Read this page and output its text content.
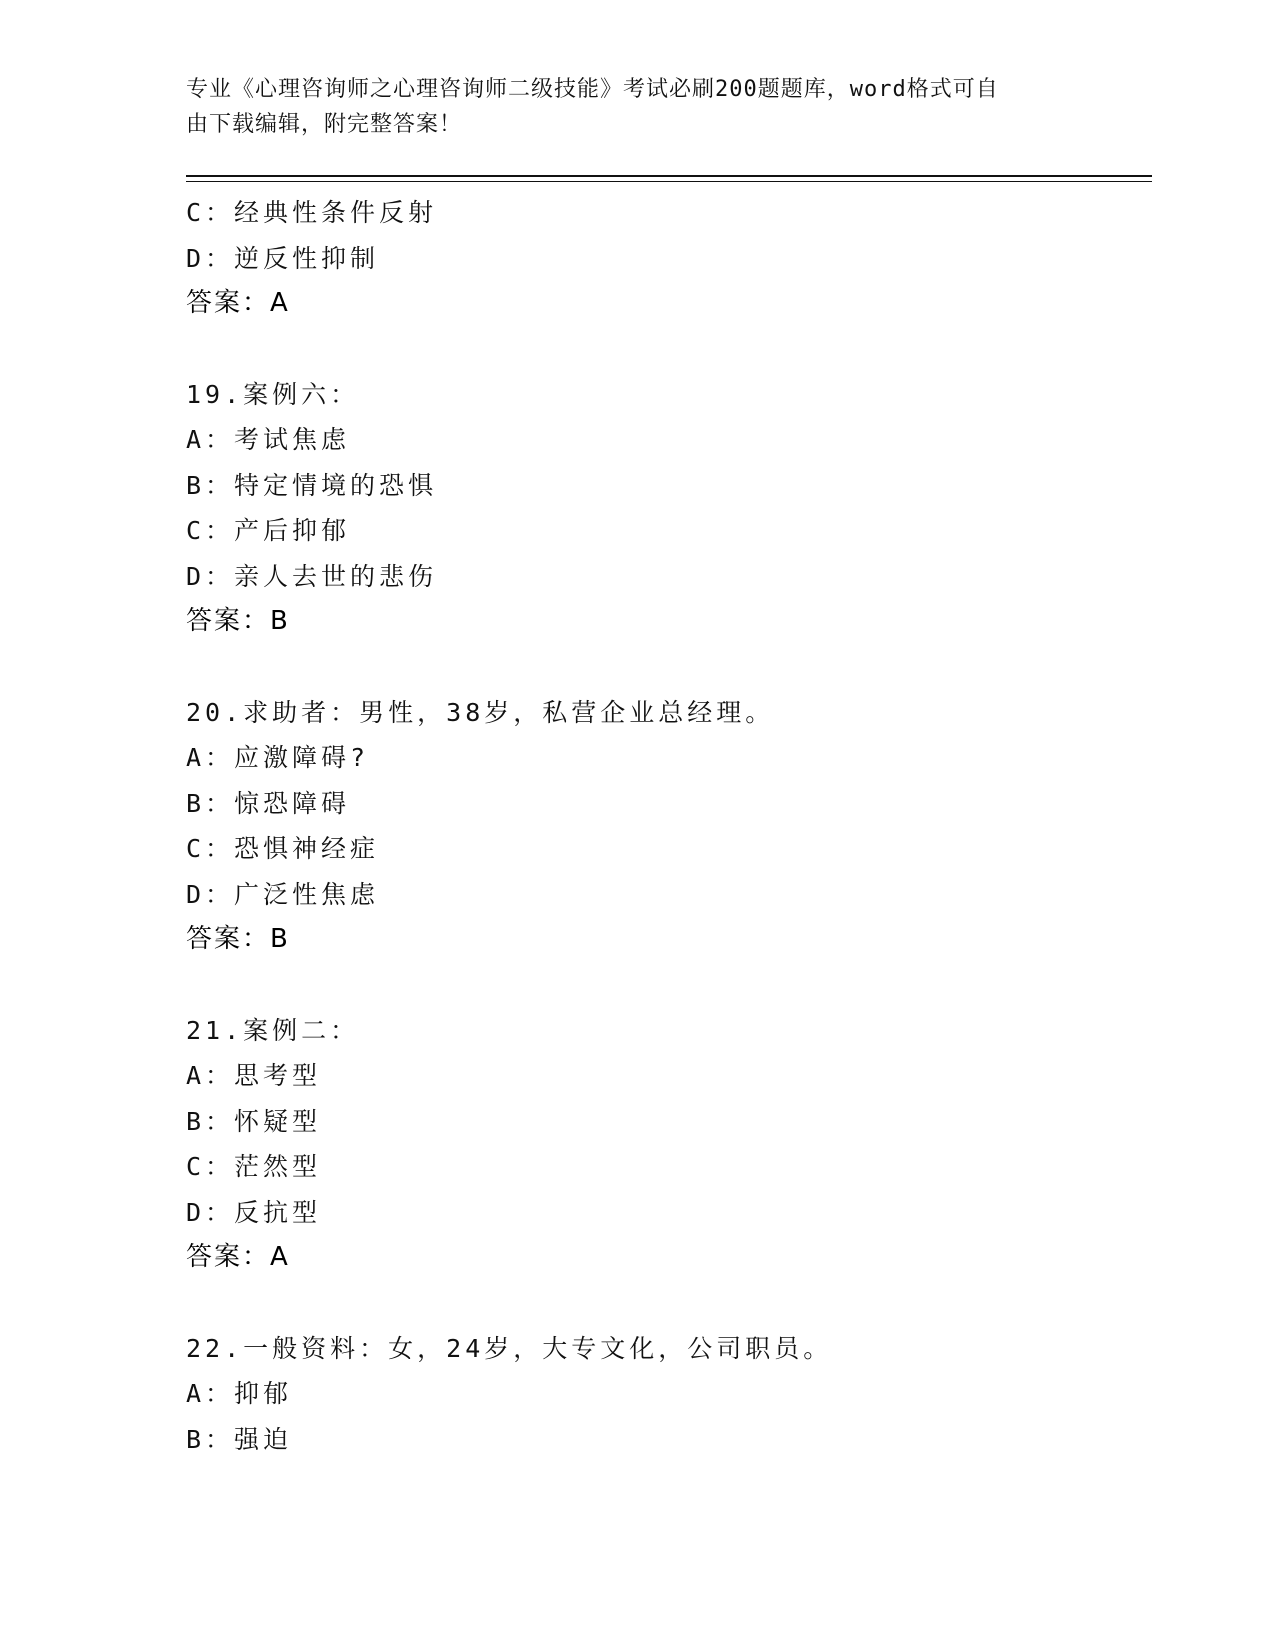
专业《心理咨询师之心理咨询师二级技能》考试必刷200题题库，word格式可自
由下载编辑，附完整答案！
C：经典性条件反射
D：逆反性抑制
答案：A
19.案例六：
A：考试焦虑
B：特定情境的恐惧
C：产后抑郁
D：亲人去世的悲伤
答案：B
20.求助者：男性，38岁，私营企业总经理。
A：应激障碍?
B：惊恐障碍
C：恐惧神经症
D：广泛性焦虑
答案：B
21.案例二：
A：思考型
B：怀疑型
C：茫然型
D：反抗型
答案：A
22.一般资料：女，24岁，大专文化，公司职员。
A：抑郁
B：强迫
